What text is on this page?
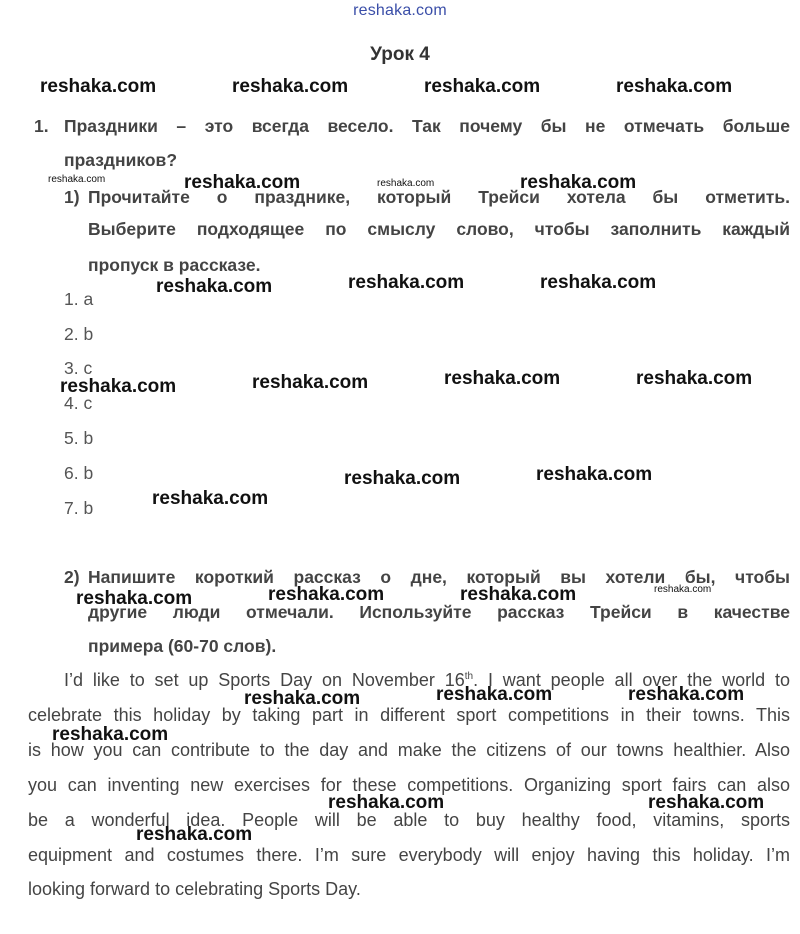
reshaka.com
Урок 4
1. Праздники – это всегда весело. Так почему бы не отмечать больше
праздников?
1) Прочитайте о празднике, который Трейси хотела бы отметить.
Выберите подходящее по смыслу слово, чтобы заполнить каждый
пропуск в рассказе.
1. a
2. b
3. c
4. c
5. b
6. b
7. b
2) Напишите короткий рассказ о дне, который вы хотели бы, чтобы
другие люди отмечали. Используйте рассказ Трейси в качестве
примера (60-70 слов).
I’d like to set up Sports Day on November 16th. I want people all over the world to
celebrate this holiday by taking part in different sport competitions in their towns. This
is how you can contribute to the day and make the citizens of our towns healthier. Also
you can inventing new exercises for these competitions. Organizing sport fairs can also
be a wonderful idea. People will be able to buy healthy food, vitamins, sports
equipment and costumes there. I’m sure everybody will enjoy having this holiday. I’m
looking forward to celebrating Sports Day.
reshaka.com	reshaka.com	reshaka.com	reshaka.com
reshaka.com	reshaka.com
reshaka.com	reshaka.com
reshaka.com	reshaka.com	reshaka.com
reshaka.com	reshaka.com	reshaka.com	reshaka.com
reshaka.com	reshaka.com
reshaka.com
reshaka.com	reshaka.com	reshaka.com	reshaka.com
reshaka.com	reshaka.com	reshaka.com
reshaka.com
reshaka.com	reshaka.com
reshaka.com
